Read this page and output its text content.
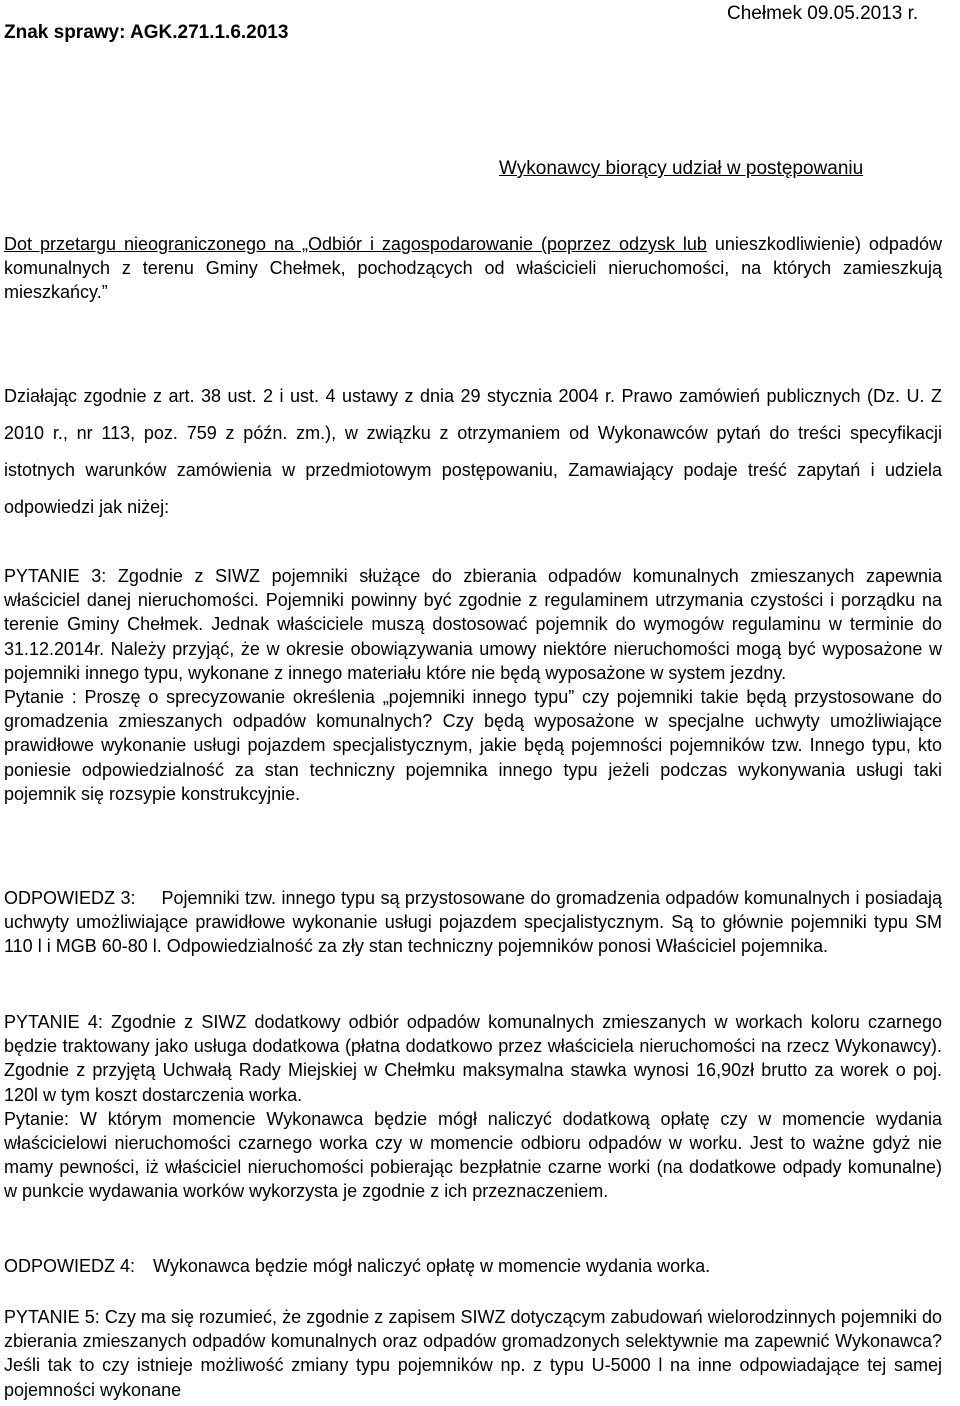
Znak sprawy: AGK.271.1.6.2013
Chełmek 09.05.2013 r.
Wykonawcy biorący udział w postępowaniu
Dot przetargu nieograniczonego na „Odbiór i zagospodarowanie (poprzez odzysk lub unieszkodliwienie) odpadów komunalnych z terenu Gminy Chełmek, pochodzących od właścicieli nieruchomości, na których zamieszkują mieszkańcy.”
Działając zgodnie z art. 38 ust. 2 i ust. 4 ustawy z dnia 29 stycznia 2004 r. Prawo zamówień publicznych (Dz. U. Z 2010 r., nr 113, poz. 759 z późn. zm.), w związku z otrzymaniem od Wykonawców pytań do treści specyfikacji istotnych warunków zamówienia w przedmiotowym postępowaniu, Zamawiający podaje treść zapytań i udziela odpowiedzi jak niżej:

PYTANIE 3: Zgodnie z SIWZ pojemniki służące do zbierania odpadów komunalnych zmieszanych zapewnia właściciel danej nieruchomości. Pojemniki powinny być zgodnie z regulaminem utrzymania czystości i porządku na terenie Gminy Chełmek. Jednak właściciele muszą dostosować pojemnik do wymogów regulaminu w terminie do 31.12.2014r. Należy przyjąć, że w okresie obowiązywania umowy niektóre nieruchomości mogą być wyposażone w pojemniki innego typu, wykonane z innego materiału które nie będą wyposażone w system jezdny.

Pytanie : Proszę o sprecyzowanie określenia „pojemniki innego typu” czy pojemniki takie będą przystosowane do gromadzenia zmieszanych odpadów komunalnych? Czy będą wyposażone w specjalne uchwyty umożliwiające prawidłowe wykonanie usługi pojazdem specjalistycznym, jakie będą pojemności pojemników tzw. Innego typu, kto poniesie odpowiedzialność za stan techniczny pojemnika innego typu jeżeli podczas wykonywania usługi taki pojemnik się rozsypie konstrukcyjnie.

ODPOWIEDZ 3: Pojemniki tzw. innego typu są przystosowane do gromadzenia odpadów komunalnych i posiadają uchwyty umożliwiające prawidłowe wykonanie usługi pojazdem specjalistycznym. Są to głównie pojemniki typu SM 110 l i MGB 60-80 l. Odpowiedzialność za zły stan techniczny pojemników ponosi Właściciel pojemnika.

PYTANIE 4: Zgodnie z SIWZ dodatkowy odbiór odpadów komunalnych zmieszanych w workach koloru czarnego będzie traktowany jako usługa dodatkowa (płatna dodatkowo przez właściciela nieruchomości na rzecz Wykonawcy). Zgodnie z przyjętą Uchwałą Rady Miejskiej w Chełmku maksymalna stawka wynosi 16,90zł brutto za worek o poj. 120l w tym koszt dostarczenia worka.

Pytanie: W którym momencie Wykonawca będzie mógł naliczyć dodatkową opłatę czy w momencie wydania właścicielowi nieruchomości czarnego worka czy w momencie odbioru odpadów w worku. Jest to ważne gdyż nie mamy pewności, iż właściciel nieruchomości pobierając bezpłatnie czarne worki (na dodatkowe odpady komunalne) w punkcie wydawania worków wykorzysta je zgodnie z ich przeznaczeniem.

ODPOWIEDZ 4: Wykonawca będzie mógł naliczyć opłatę w momencie wydania worka.

PYTANIE 5: Czy ma się rozumieć, że zgodnie z zapisem SIWZ dotyczącym zabudowań wielorodzinnych pojemniki do zbierania zmieszanych odpadów komunalnych oraz odpadów gromadzonych selektywnie ma zapewnić Wykonawca? Jeśli tak to czy istnieje możliwość zmiany typu pojemników np. z typu U-5000 l na inne odpowiadające tej samej pojemności wykonane
